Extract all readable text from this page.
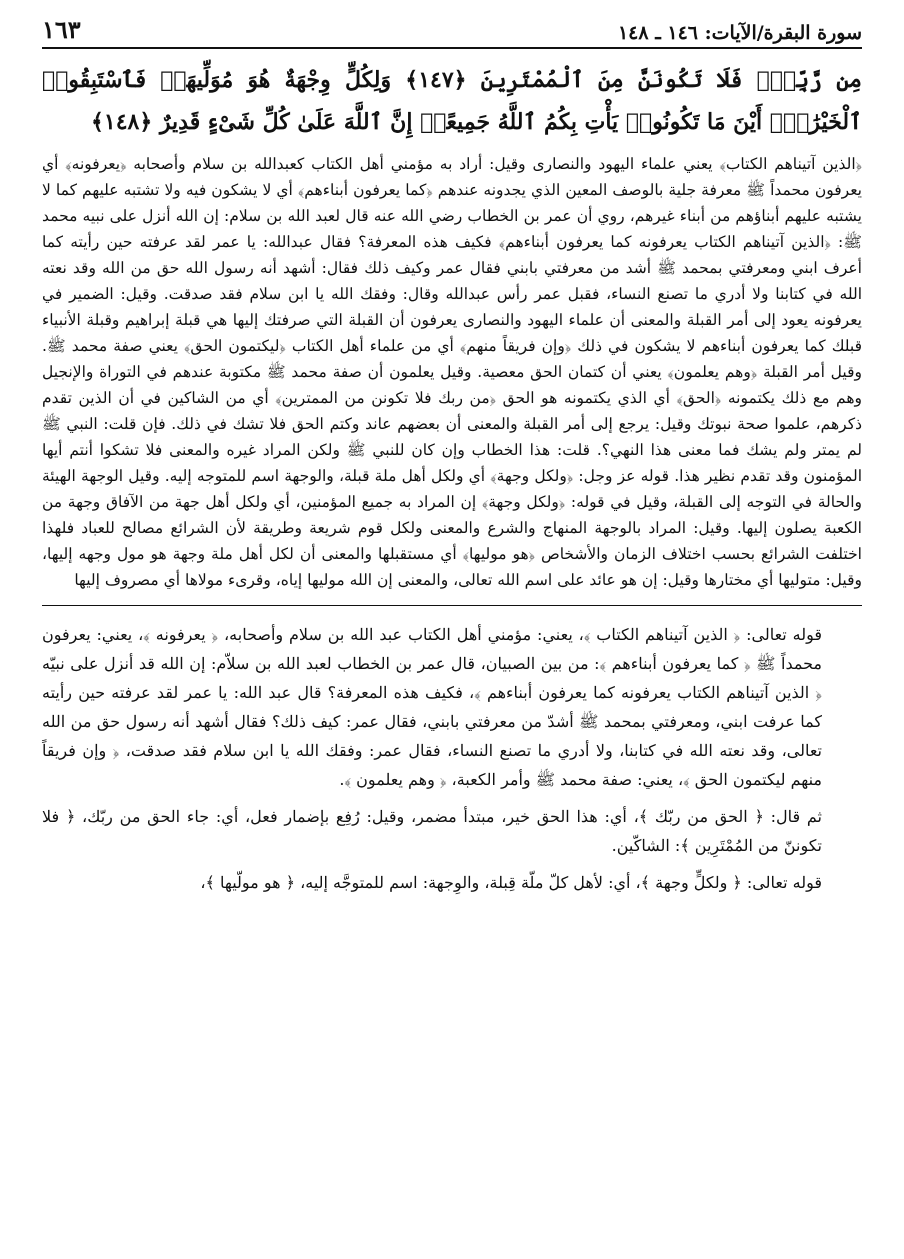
سورة البقرة/الآيات: ١٤٦ ـ ١٤٨
١٦٣
مِن رَّبِّكَۖ فَلَا تَكُونَنَّ مِنَ ٱلْمُمْتَرِينَ ﴿١٤٧﴾ وَلِكُلٍّ وِجْهَةٌ هُوَ مُوَلِّيهَاۖ فَٱسْتَبِقُوا۟ ٱلْخَيْرَٰتِۚ أَيْنَ مَا تَكُونُوا۟ يَأْتِ بِكُمُ ٱللَّهُ جَمِيعًاۚ إِنَّ ٱللَّهَ عَلَىٰ كُلِّ شَىْءٍ قَدِيرٌ ﴿١٤٨﴾
﴿الذين آتيناهم الكتاب﴾ يعني علماء اليهود والنصارى وقيل: أراد به مؤمني أهل الكتاب كعبدالله بن سلام وأصحابه ﴿يعرفونه﴾ أي يعرفون محمداً ﷺ معرفة جلية بالوصف المعين الذي يجدونه عندهم ﴿كما يعرفون أبناءهم﴾ أي لا يشكون فيه ولا تشتبه عليهم كما لا يشتبه عليهم أبناؤهم من أبناء غيرهم، روي أن عمر بن الخطاب رضي الله عنه قال لعبد الله بن سلام: إن الله أنزل على نبيه محمد ﷺ: ﴿الذين آتيناهم الكتاب يعرفونه كما يعرفون أبناءهم﴾ فكيف هذه المعرفة؟ فقال عبدالله: يا عمر لقد عرفته حين رأيته كما أعرف ابني ومعرفتي بمحمد ﷺ أشد من معرفتي بابني فقال عمر وكيف ذلك فقال: أشهد أنه رسول الله حق من الله وقد نعته الله في كتابنا ولا أدري ما تصنع النساء، فقبل عمر رأس عبدالله وقال: وفقك الله يا ابن سلام فقد صدقت. وقيل: الضمير في يعرفونه يعود إلى أمر القبلة والمعنى أن علماء اليهود والنصارى يعرفون أن القبلة التي صرفتك إليها هي قبلة إبراهيم وقبلة الأنبياء قبلك كما يعرفون أبناءهم لا يشكون في ذلك ﴿وإن فريقاً منهم﴾ أي من علماء أهل الكتاب ﴿ليكتمون الحق﴾ يعني صفة محمد ﷺ. وقيل أمر القبلة ﴿وهم يعلمون﴾ يعني أن كتمان الحق معصية. وقيل يعلمون أن صفة محمد ﷺ مكتوبة عندهم في التوراة والإنجيل وهم مع ذلك يكتمونه ﴿الحق﴾ أي الذي يكتمونه هو الحق ﴿من ربك فلا تكونن من الممترين﴾ أي من الشاكين في أن الذين تقدم ذكرهم، علموا صحة نبوتك وقيل: يرجع إلى أمر القبلة والمعنى أن بعضهم عاند وكتم الحق فلا تشك في ذلك. فإن قلت: النبي ﷺ لم يمتر ولم يشك فما معنى هذا النهي؟. قلت: هذا الخطاب وإن كان للنبي ﷺ ولكن المراد غيره والمعنى فلا تشكوا أنتم أيها المؤمنون وقد تقدم نظير هذا. قوله عز وجل: ﴿ولكل وجهة﴾ أي ولكل أهل ملة قبلة، والوجهة اسم للمتوجه إليه. وقيل الوجهة الهيئة والحالة في التوجه إلى القبلة، وقيل في قوله: ﴿ولكل وجهة﴾ إن المراد به جميع المؤمنين، أي ولكل أهل جهة من الآفاق وجهة من الكعبة يصلون إليها. وقيل: المراد بالوجهة المنهاج والشرع والمعنى ولكل قوم شريعة وطريقة لأن الشرائع مصالح للعباد فلهذا اختلفت الشرائع بحسب اختلاف الزمان والأشخاص ﴿هو موليها﴾ أي مستقبلها والمعنى أن لكل أهل ملة وجهة هو مول وجهه إليها، وقيل: متوليها أي مختارها وقيل: إن هو عائد على اسم الله تعالى، والمعنى إن الله موليها إياه، وقرىء مولاها أي مصروف إليها

قوله تعالى: ﴿ الذين آتيناهم الكتاب ﴾، يعني: مؤمني أهل الكتاب عبد الله بن سلام وأصحابه، ﴿ يعرفونه ﴾، يعني: يعرفون محمداً ﷺ ﴿ كما يعرفون أبناءهم ﴾: من بين الصبيان، قال عمر بن الخطاب لعبد الله بن سلاّم: إن الله قد أنزل على نبيّه ﴿ الذين آتيناهم الكتاب يعرفونه كما يعرفون أبناءهم ﴾، فكيف هذه المعرفة؟ قال عبد الله: يا عمر لقد عرفته حين رأيته كما عرفت ابني، ومعرفتي بمحمد ﷺ أشدّ من معرفتي بابني، فقال عمر: كيف ذلك؟ فقال أشهد أنه رسول حق من الله تعالى، وقد نعته الله في كتابنا، ولا أدري ما تصنع النساء، فقال عمر: وفقك الله يا ابن سلام فقد صدقت، ﴿ وإن فريقاً منهم ليكتمون الحق ﴾، يعني: صفة محمد ﷺ وأمر الكعبة، ﴿ وهم يعلمون ﴾.

ثم قال: ﴿ الحق من ربّك ﴾، أي: هذا الحق خير، مبتدأ مضمر، وقيل: رُفِع بإضمار فعل، أي: جاء الحق من ربّك، ﴿ فلا تكوننّ من المُمْتَرِين ﴾: الشاكّين.

قوله تعالى: ﴿ ولكلٍّ وجهة ﴾، أي: لأهل كلّ ملّة قِبلة، والوِجهة: اسم للمتوجَّه إليه، ﴿ هو مولّيها ﴾،
